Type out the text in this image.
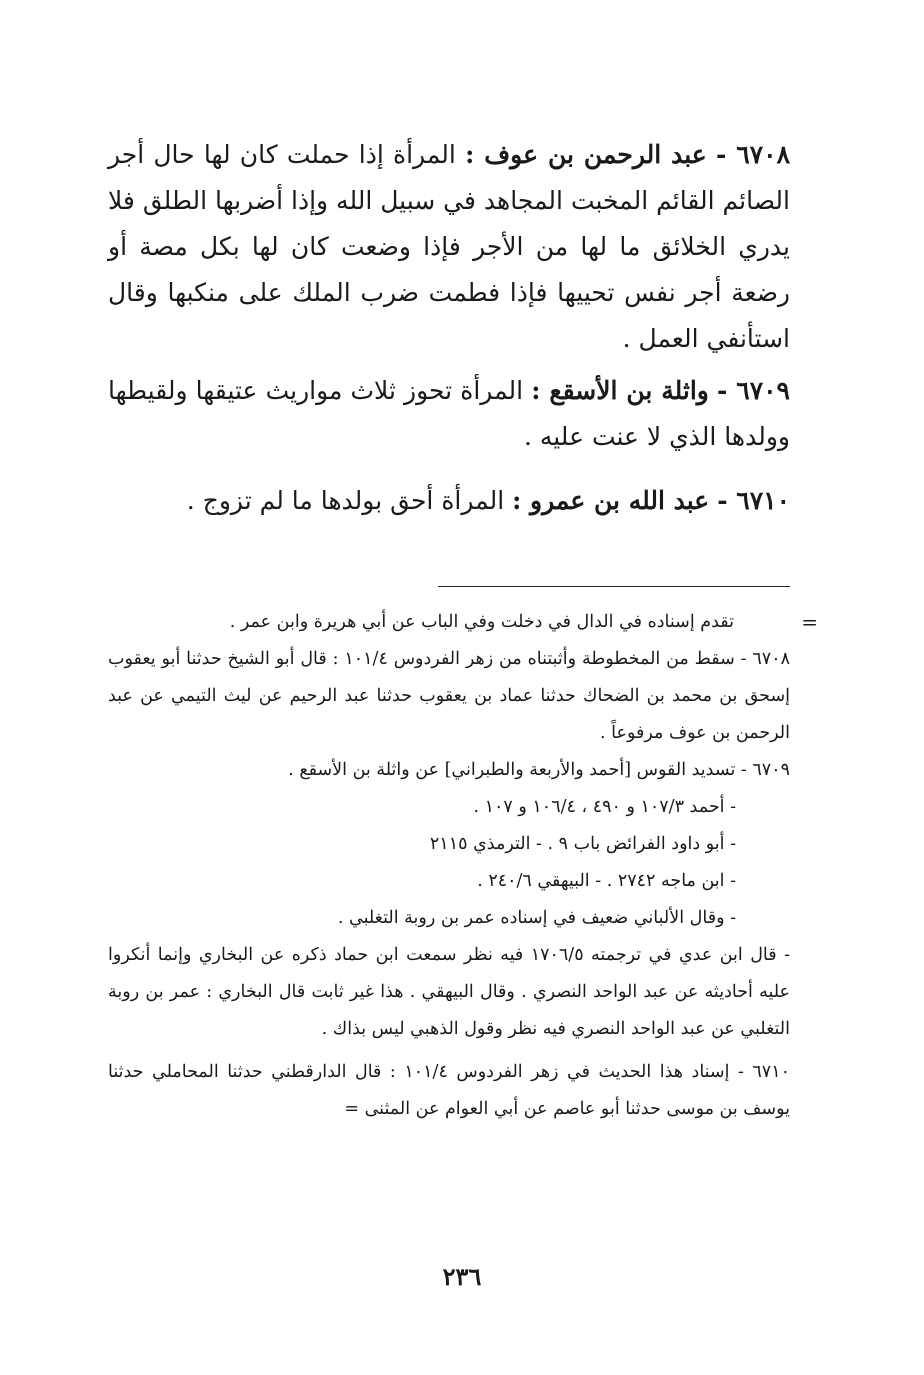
٦٧٠٨ - عبد الرحمن بن عوف : المرأة إذا حملت كان لها حال أجر الصائم القائم المخبت المجاهد في سبيل الله وإذا أضربها الطلق فلا يدري الخلائق ما لها من الأجر فإذا وضعت كان لها بكل مصة أو رضعة أجر نفس تحييها فإذا فطمت ضرب الملك على منكبها وقال استأنفي العمل .

٦٧٠٩ - واثلة بن الأسقع : المرأة تحوز ثلاث مواريث عتيقها ولقيطها وولدها الذي لا عنت عليه .

٦٧١٠ - عبد الله بن عمرو : المرأة أحق بولدها ما لم تزوج .

=

تقدم إسناده في الدال في دخلت وفي الباب عن أبي هريرة وابن عمر .

٦٧٠٨ - سقط من المخطوطة وأثبتناه من زهر الفردوس ١٠١/٤ : قال أبو الشيخ حدثنا أبو يعقوب إسحق بن محمد بن الضحاك حدثنا عماد بن يعقوب حدثنا عبد الرحيم عن ليث التيمي عن عبد الرحمن بن عوف مرفوعاً .

٦٧٠٩ - تسديد القوس [أحمد والأربعة والطبراني] عن واثلة بن الأسقع .

- أحمد ١٠٧/٣ و ٤٩٠ ، ١٠٦/٤ و ١٠٧ .

- أبو داود الفرائض باب ٩ . - الترمذي ٢١١٥

- ابن ماجه ٢٧٤٢ . - البيهقي ٢٤٠/٦ .

- وقال الألباني ضعيف في إسناده عمر بن روبة التغلبي .

- قال ابن عدي في ترجمته ١٧٠٦/٥ فيه نظر سمعت ابن حماد ذكره عن البخاري وإنما أنكروا عليه أحاديثه عن عبد الواحد النصري . وقال البيهقي . هذا غير ثابت قال البخاري : عمر بن روبة التغلبي عن عبد الواحد النصري فيه نظر وقول الذهبي ليس بذاك .

٦٧١٠ - إسناد هذا الحديث في زهر الفردوس ١٠١/٤ : قال الدارقطني حدثنا المحاملي حدثنا يوسف بن موسى حدثنا أبو عاصم عن أبي العوام عن المثنى =

٢٣٦
